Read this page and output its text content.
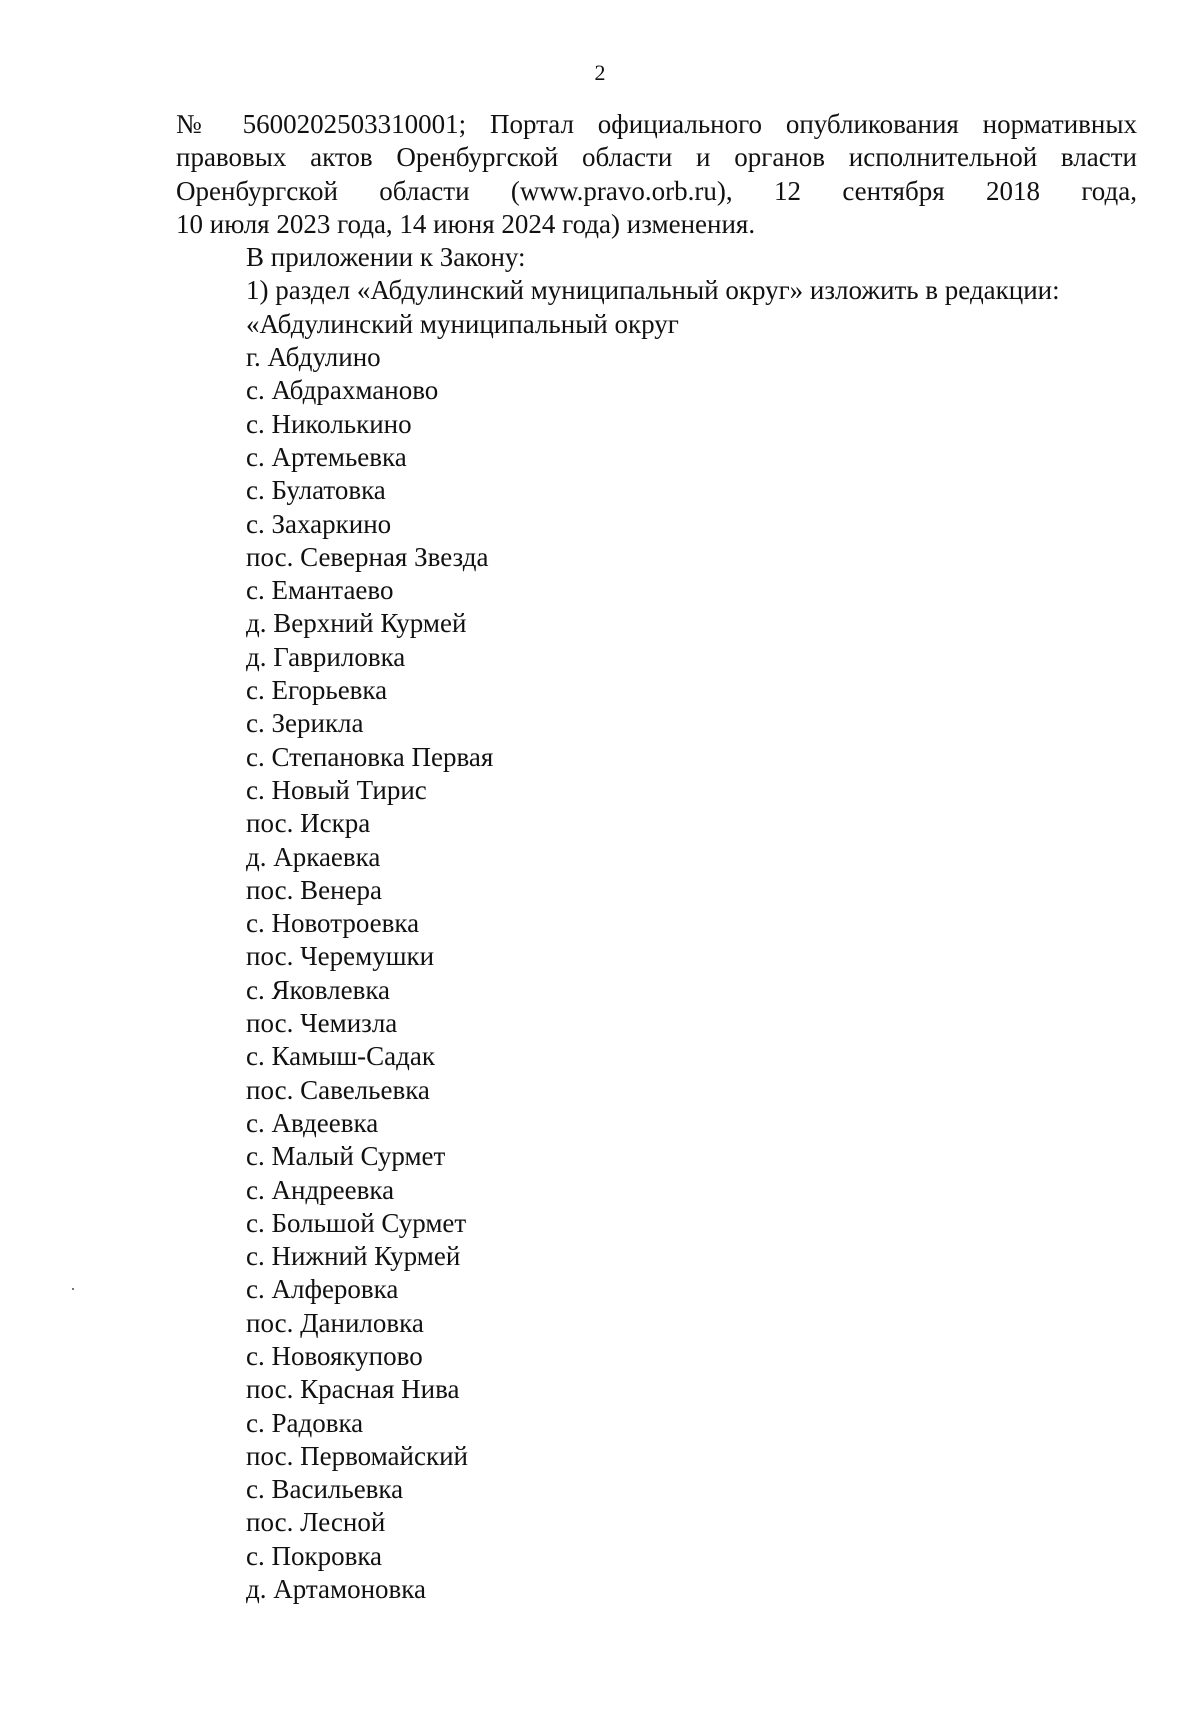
2

№ 5600202503310001; Портал официального опубликования нормативных
правовых актов Оренбургской области и органов исполнительной власти
Оренбургской области (www.pravo.orb.ru), 12 сентября 2018 года,
10 июля 2023 года, 14 июня 2024 года) изменения.

В приложении к Закону:

1) раздел «Абдулинский муниципальный округ» изложить в редакции:

«Абдулинский муниципальный округ

г. Абдулино
с. Абдрахманово
с. Николькино
с. Артемьевка
с. Булатовка
с. Захаркино
пос. Северная Звезда
с. Емантаево
д. Верхний Курмей
д. Гавриловка
с. Егорьевка
с. Зерикла
с. Степановка Первая
с. Новый Тирис
пос. Искра
д. Аркаевка
пос. Венера
с. Новотроевка
пос. Черемушки
с. Яковлевка
пос. Чемизла
с. Камыш-Садак
пос. Савельевка
с. Авдеевка
с. Малый Сурмет
с. Андреевка
с. Большой Сурмет
с. Нижний Курмей
с. Алферовка
пос. Даниловка
с. Новоякупово
пос. Красная Нива
с. Радовка
пос. Первомайский
с. Васильевка
пос. Лесной
с. Покровка
д. Артамоновка
